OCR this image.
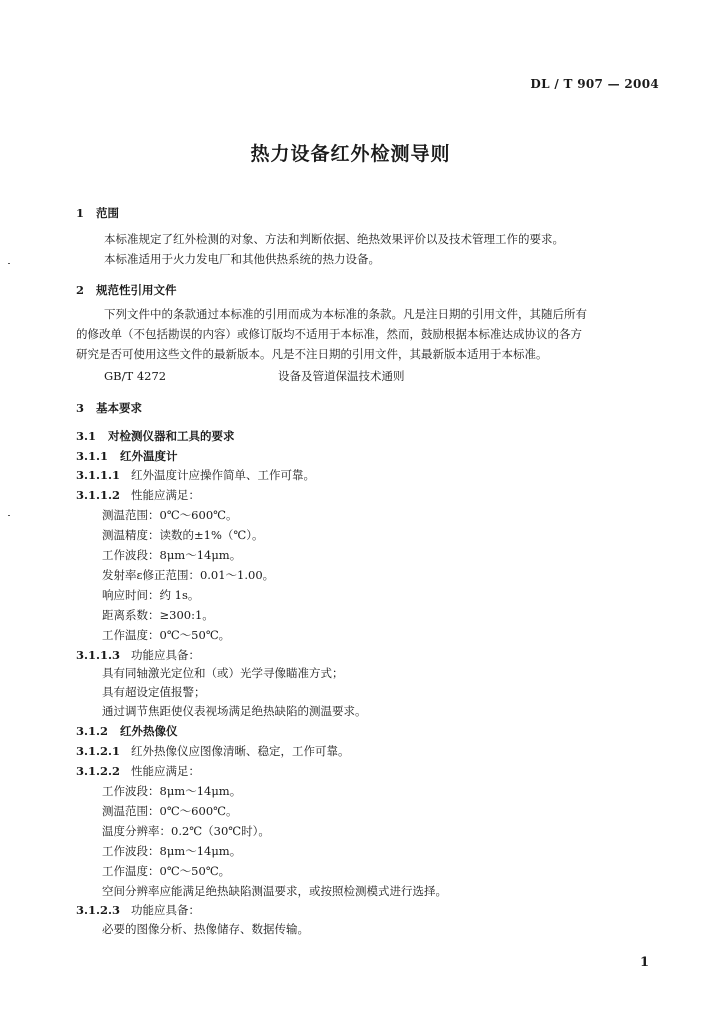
DL / T 907 — 2004
热力设备红外检测导则
1 范围
本标准规定了红外检测的对象、方法和判断依据、绝热效果评价以及技术管理工作的要求。
本标准适用于火力发电厂和其他供热系统的热力设备。
2 规范性引用文件
下列文件中的条款通过本标准的引用而成为本标准的条款。凡是注日期的引用文件，其随后所有
的修改单（不包括勘误的内容）或修订版均不适用于本标准，然而，鼓励根据本标准达成协议的各方
研究是否可使用这些文件的最新版本。凡是不注日期的引用文件，其最新版本适用于本标准。
GB/T 4272	设备及管道保温技术通则
3 基本要求
3.1 对检测仪器和工具的要求
3.1.1 红外温度计
3.1.1.1 红外温度计应操作简单、工作可靠。
3.1.1.2 性能应满足：
测温范围：0℃～600℃。
测温精度：读数的±1%（℃）。
工作波段：8μm～14μm。
发射率ε修正范围：0.01～1.00。
响应时间：约 1s。
距离系数：≥300:1。
工作温度：0℃～50℃。
3.1.1.3 功能应具备：
具有同轴激光定位和（或）光学寻像瞄准方式；
具有超设定值报警；
通过调节焦距使仪表视场满足绝热缺陷的测温要求。
3.1.2 红外热像仪
3.1.2.1 红外热像仪应图像清晰、稳定，工作可靠。
3.1.2.2 性能应满足：
工作波段：8μm～14μm。
测温范围：0℃～600℃。
温度分辨率：0.2℃（30℃时）。
工作波段：8μm～14μm。
工作温度：0℃～50℃。
空间分辨率应能满足绝热缺陷测温要求，或按照检测模式进行选择。
3.1.2.3 功能应具备：
必要的图像分析、热像储存、数据传输。
1
